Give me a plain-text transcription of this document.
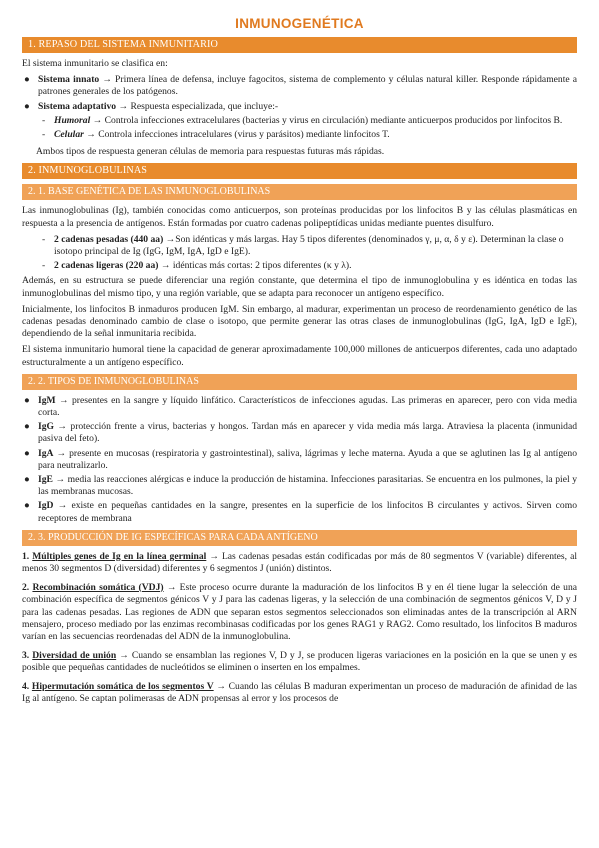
INMUNOGENÉTICA
1. REPASO DEL SISTEMA INMUNITARIO

El sistema inmunitario se clasifica en:

● Sistema innato → Primera línea de defensa, incluye fagocitos, sistema de complemento y células natural killer. Responde rápidamente a patrones generales de los patógenos.
● Sistema adaptativo → Respuesta especializada, que incluye:-
- Humoral → Controla infecciones extracelulares (bacterias y virus en circulación) mediante anticuerpos producidos por linfocitos B.
- Celular → Controla infecciones intracelulares (virus y parásitos) mediante linfocitos T.

Ambos tipos de respuesta generan células de memoria para respuestas futuras más rápidas.

2. INMUNOGLOBULINAS
2. 1. BASE GENÉTICA DE LAS INMUNOGLOBULINAS

Las inmunoglobulinas (Ig), también conocidas como anticuerpos, son proteínas producidas por los linfocitos B y las células plasmáticas en respuesta a la presencia de antígenos. Están formadas por cuatro cadenas polipeptídicas unidas mediante puentes disulfuro.

- 2 cadenas pesadas (440 aa) →Son idénticas y más largas. Hay 5 tipos diferentes (denominados γ, μ, α, δ y ε). Determinan la clase o isotopo principal de Ig (IgG, IgM, IgA, IgD e IgE).
- 2 cadenas ligeras (220 aa) → idénticas más cortas: 2 tipos diferentes (κ y λ).

Además, en su estructura se puede diferenciar una región constante, que determina el tipo de inmunoglobulina y es idéntica en todas las inmunoglobulinas del mismo tipo, y una región variable, que se adapta para reconocer un antígeno específico.

Inicialmente, los linfocitos B inmaduros producen IgM. Sin embargo, al madurar, experimentan un proceso de reordenamiento genético de las cadenas pesadas denominado cambio de clase o isotopo, que permite generar las otras clases de inmunoglobulinas (IgG, IgA, IgD e IgE), dependiendo de la señal inmunitaria recibida.

El sistema inmunitario humoral tiene la capacidad de generar aproximadamente 100,000 millones de anticuerpos diferentes, cada uno adaptado estructuralmente a un antígeno específico.

2. 2. TIPOS DE INMUNOGLOBULINAS
● IgM → presentes en la sangre y líquido linfático. Característicos de infecciones agudas. Las primeras en aparecer, pero con vida media corta.
● IgG → protección frente a virus, bacterias y hongos. Tardan más en aparecer y vida media más larga. Atraviesa la placenta (inmunidad pasiva del feto).
● IgA → presente en mucosas (respiratoria y gastrointestinal), saliva, lágrimas y leche materna. Ayuda a que se aglutinen las Ig al antígeno para neutralizarlo.
● IgE → media las reacciones alérgicas e induce la producción de histamina. Infecciones parasitarias. Se encuentra en los pulmones, la piel y las membranas mucosas.
● IgD → existe en pequeñas cantidades en la sangre, presentes en la superficie de los linfocitos B circulantes y activos. Sirven como receptores de membrana
2. 3. PRODUCCIÓN DE IG ESPECÍFICAS PARA CADA ANTÍGENO
1. Múltiples genes de Ig en la línea germinal → Las cadenas pesadas están codificadas por más de 80 segmentos V (variable) diferentes, al menos 30 segmentos D (diversidad) diferentes y 6 segmentos J (unión) distintos.
2. Recombinación somática (VDJ) → Este proceso ocurre durante la maduración de los linfocitos B y en él tiene lugar la selección de una combinación específica de segmentos génicos V y J para las cadenas ligeras, y la selección de una combinación de segmentos génicos V, D y J para las cadenas pesadas. Las regiones de ADN que separan estos segmentos seleccionados son eliminadas antes de la transcripción al ARN mensajero, proceso mediado por las enzimas recombinasas codificadas por los genes RAG1 y RAG2. Como resultado, los linfocitos B maduros varían en las secuencias reordenadas del ADN de la inmunoglobulina.
3. Diversidad de unión → Cuando se ensamblan las regiones V, D y J, se producen ligeras variaciones en la posición en la que se unen y es posible que pequeñas cantidades de nucleótidos se eliminen o inserten en los empalmes.
4. Hipermutación somática de los segmentos V → Cuando las células B maduran experimentan un proceso de maduración de afinidad de las Ig al antígeno. Se captan polimerasas de ADN propensas al error y los procesos de
